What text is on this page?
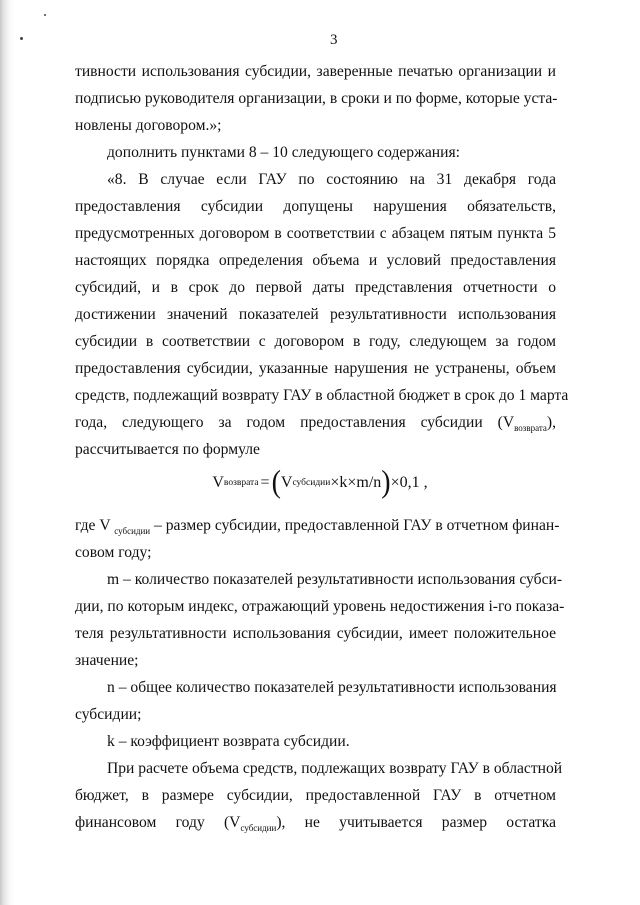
3
тивности использования субсидии, заверенные печатью организации и
подписью руководителя организации, в сроки и по форме, которые уста-
новлены договором.»;
дополнить пунктами 8 – 10 следующего содержания:
«8. В случае если ГАУ по состоянию на 31 декабря года
предоставления субсидии допущены нарушения обязательств,
предусмотренных договором в соответствии с абзацем пятым пункта 5
настоящих порядка определения объема и условий предоставления
субсидий, и в срок до первой даты представления отчетности о
достижении значений показателей результативности использования
субсидии в соответствии с договором в году, следующем за годом
предоставления субсидии, указанные нарушения не устранены, объем
средств, подлежащий возврату ГАУ в областной бюджет в срок до 1 марта
года, следующего за годом предоставления субсидии $(V_{возврата})$,
рассчитывается по формуле
V возврата = ( V субсидии ×k×m/n ) ×0,1 ,
где V $_{субсидии}$ – размер субсидии, предоставленной ГАУ в отчетном финан-
совом году;
m – количество показателей результативности использования субси-
дии, по которым индекс, отражающий уровень недостижения i-го показа-
теля результативности использования субсидии, имеет положительное
значение;
n – общее количество показателей результативности использования
субсидии;
k – коэффициент возврата субсидии.
При расчете объема средств, подлежащих возврату ГАУ в областной
бюджет, в размере субсидии, предоставленной ГАУ в отчетном
финансовом году $(V_{субсидии})$, не учитывается размер остатка
